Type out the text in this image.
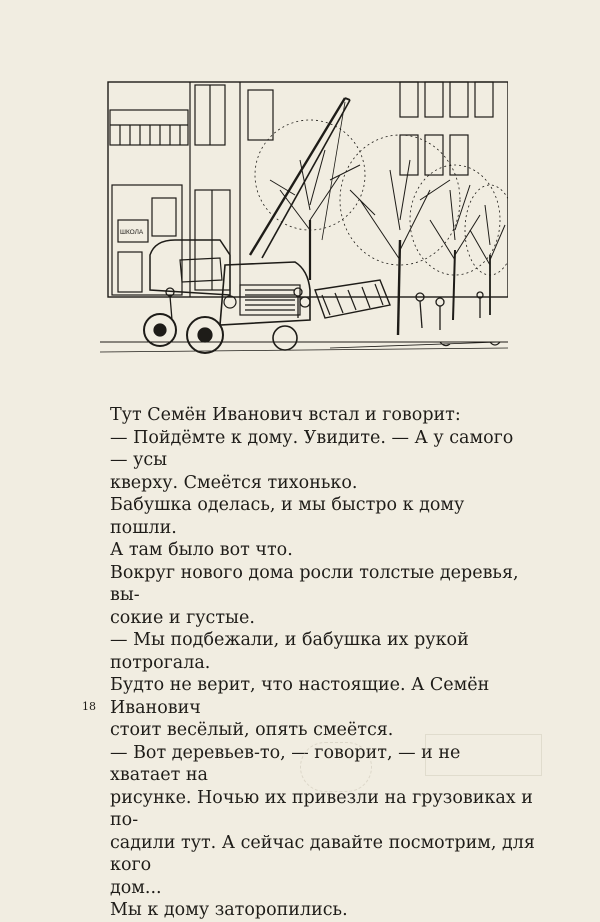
ШКОЛА

Тут Семён Иванович встал и говорит:

— Пойдёмте к дому. Увидите. — А у самого — усы

кверху. Смеётся тихонько.

Бабушка оделась, и мы быстро к дому пошли.

А там было вот что.

Вокруг нового дома росли толстые деревья, вы-

сокие и густые.

— Мы подбежали, и бабушка их рукой потрогала.

Будто не верит, что настоящие. А Семён Иванович

стоит весёлый, опять смеётся.

— Вот деревьев-то, — говорит, — и не хватает на

рисунке. Ночью их привезли на грузовиках и по-

садили тут. А сейчас давайте посмотрим, для кого

дом...

Мы к дому заторопились.

18
